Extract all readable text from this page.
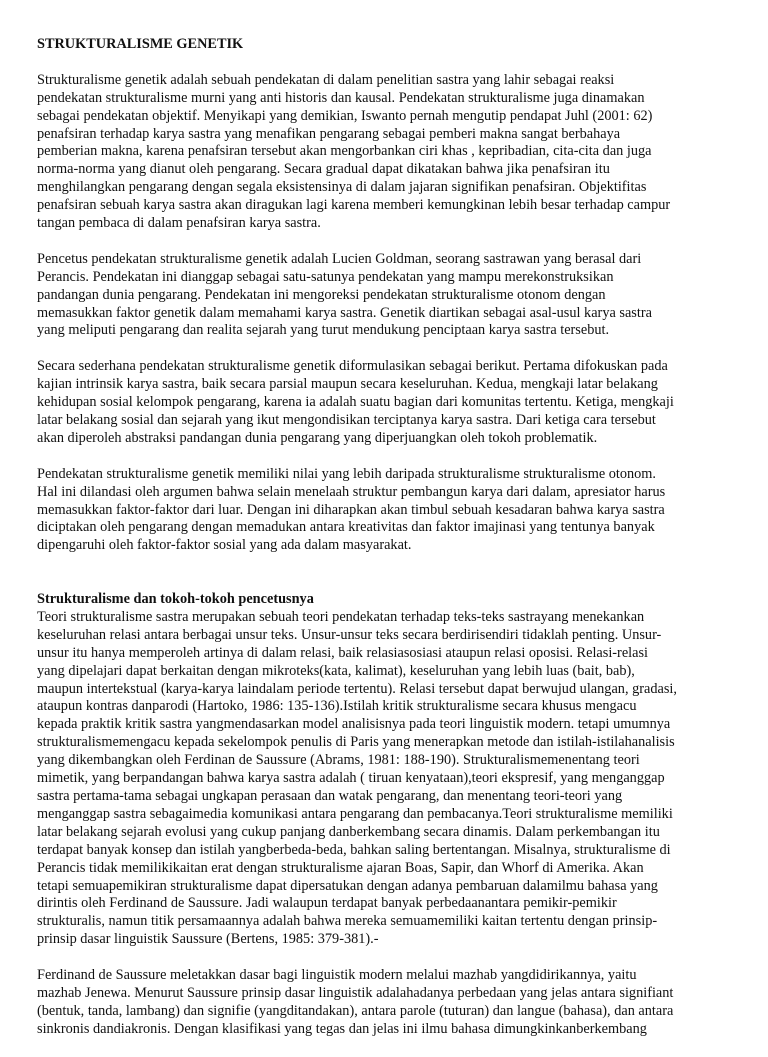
STRUKTURALISME GENETIK
Strukturalisme genetik adalah sebuah pendekatan di dalam penelitian sastra yang lahir sebagai reaksi
pendekatan strukturalisme murni yang anti historis dan kausal. Pendekatan strukturalisme juga dinamakan
sebagai pendekatan objektif. Menyikapi yang demikian, Iswanto pernah mengutip pendapat Juhl (2001: 62)
penafsiran terhadap karya sastra yang menafikan pengarang sebagai pemberi makna sangat berbahaya
pemberian makna, karena penafsiran tersebut akan mengorbankan ciri khas , kepribadian, cita-cita dan juga
norma-norma yang dianut oleh pengarang. Secara gradual dapat dikatakan bahwa jika penafsiran itu
menghilangkan pengarang dengan segala eksistensinya di dalam jajaran signifikan penafsiran. Objektifitas
penafsiran sebuah karya sastra akan diragukan lagi karena memberi kemungkinan lebih besar terhadap campur
tangan pembaca di dalam penafsiran karya sastra.
Pencetus pendekatan strukturalisme genetik adalah Lucien Goldman, seorang sastrawan yang berasal dari
Perancis. Pendekatan ini dianggap sebagai satu-satunya pendekatan yang mampu merekonstruksikan
pandangan dunia pengarang. Pendekatan ini mengoreksi pendekatan strukturalisme otonom dengan
memasukkan faktor genetik dalam memahami karya sastra. Genetik diartikan sebagai asal-usul karya sastra
yang meliputi pengarang dan realita sejarah yang turut mendukung penciptaan karya sastra tersebut.
Secara sederhana pendekatan strukturalisme genetik diformulasikan sebagai berikut. Pertama difokuskan pada
kajian intrinsik karya sastra, baik secara parsial maupun secara keseluruhan. Kedua, mengkaji latar belakang
kehidupan sosial kelompok pengarang, karena ia adalah suatu bagian dari komunitas tertentu. Ketiga, mengkaji
latar belakang sosial dan sejarah yang ikut mengondisikan terciptanya karya sastra. Dari ketiga cara tersebut
akan diperoleh abstraksi pandangan dunia pengarang yang diperjuangkan oleh tokoh problematik.
Pendekatan strukturalisme genetik memiliki nilai yang lebih daripada strukturalisme strukturalisme otonom.
Hal ini dilandasi oleh argumen bahwa selain menelaah struktur pembangun karya dari dalam, apresiator harus
memasukkan faktor-faktor dari luar. Dengan ini diharapkan akan timbul sebuah kesadaran bahwa karya sastra
diciptakan oleh pengarang dengan memadukan antara kreativitas dan faktor imajinasi yang tentunya banyak
dipengaruhi oleh faktor-faktor sosial yang ada dalam masyarakat.
Strukturalisme dan tokoh-tokoh pencetusnya
Teori strukturalisme sastra merupakan sebuah teori pendekatan terhadap teks-teks sastrayang menekankan
keseluruhan relasi antara berbagai unsur teks. Unsur-unsur teks secara berdirisendiri tidaklah penting. Unsur-
unsur itu hanya memperoleh artinya di dalam relasi, baik relasiasosiasi ataupun relasi oposisi. Relasi-relasi
yang dipelajari dapat berkaitan dengan mikroteks(kata, kalimat), keseluruhan yang lebih luas (bait, bab),
maupun intertekstual (karya-karya laindalam periode tertentu). Relasi tersebut dapat berwujud ulangan, gradasi,
ataupun kontras danparodi (Hartoko, 1986: 135-136).Istilah kritik strukturalisme secara khusus mengacu
kepada praktik kritik sastra yangmendasarkan model analisisnya pada teori linguistik modern. tetapi umumnya
strukturalismemengacu kepada sekelompok penulis di Paris yang menerapkan metode dan istilah-istilahanalisis
yang dikembangkan oleh Ferdinan de Saussure (Abrams, 1981: 188-190). Strukturalismemenentang teori
mimetik, yang berpandangan bahwa karya sastra adalah ( tiruan kenyataan),teori ekspresif, yang menganggap
sastra pertama-tama sebagai ungkapan perasaan dan watak pengarang, dan menentang teori-teori yang
menganggap sastra sebagaimedia komunikasi antara pengarang dan pembacanya.Teori strukturalisme memiliki
latar belakang sejarah evolusi yang cukup panjang danberkembang secara dinamis. Dalam perkembangan itu
terdapat banyak konsep dan istilah yangberbeda-beda, bahkan saling bertentangan. Misalnya, strukturalisme di
Perancis tidak memilikikaitan erat dengan strukturalisme ajaran Boas, Sapir, dan Whorf di Amerika. Akan
tetapi semuapemikiran strukturalisme dapat dipersatukan dengan adanya pembaruan dalamilmu bahasa yang
dirintis oleh Ferdinand de Saussure. Jadi walaupun terdapat banyak perbedaanantara pemikir-pemikir
strukturalis, namun titik persamaannya adalah bahwa mereka semuamemiliki kaitan tertentu dengan prinsip-
prinsip dasar linguistik Saussure (Bertens, 1985: 379-381).-
Ferdinand de Saussure meletakkan dasar bagi linguistik modern melalui mazhab yangdidirikannya, yaitu
mazhab Jenewa. Menurut Saussure prinsip dasar linguistik adalahadanya perbedaan yang jelas antara signifiant
(bentuk, tanda, lambang) dan signifie (yangditandakan), antara parole (tuturan) dan langue (bahasa), dan antara
sinkronis dandiakronis. Dengan klasifikasi yang tegas dan jelas ini ilmu bahasa dimungkinkanberkembang
